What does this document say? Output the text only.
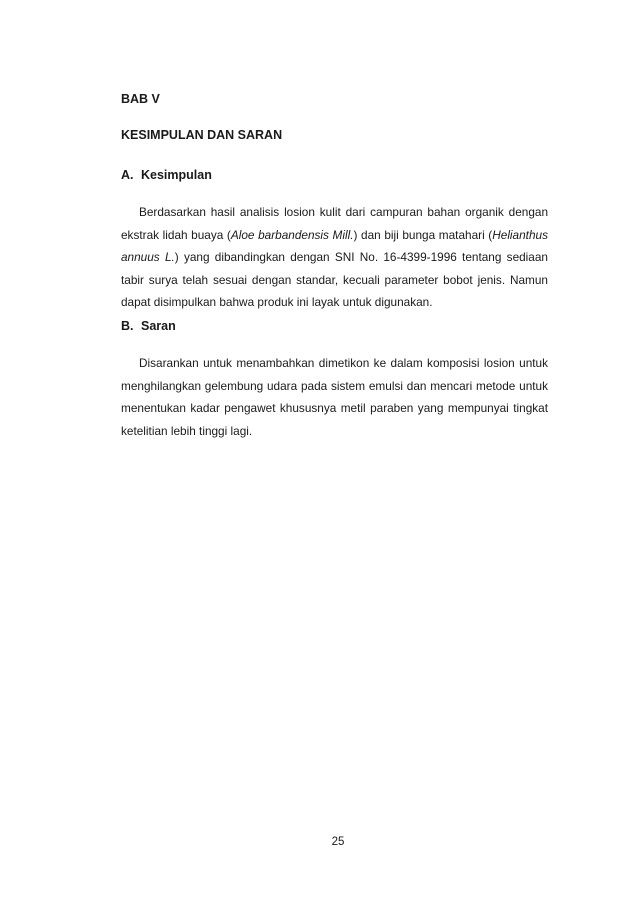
BAB V
KESIMPULAN DAN SARAN
A. Kesimpulan
Berdasarkan hasil analisis losion kulit dari campuran bahan organik dengan
ekstrak lidah buaya (Aloe barbandensis Mill.) dan biji bunga matahari (Helianthus
annuus L.) yang dibandingkan dengan SNI No. 16-4399-1996 tentang sediaan
tabir surya telah sesuai dengan standar, kecuali parameter bobot jenis. Namun
dapat disimpulkan bahwa produk ini layak untuk digunakan.
B. Saran
Disarankan untuk menambahkan dimetikon ke dalam komposisi losion untuk
menghilangkan gelembung udara pada sistem emulsi dan mencari metode untuk
menentukan kadar pengawet khususnya metil paraben yang mempunyai tingkat
ketelitian lebih tinggi lagi.

25
